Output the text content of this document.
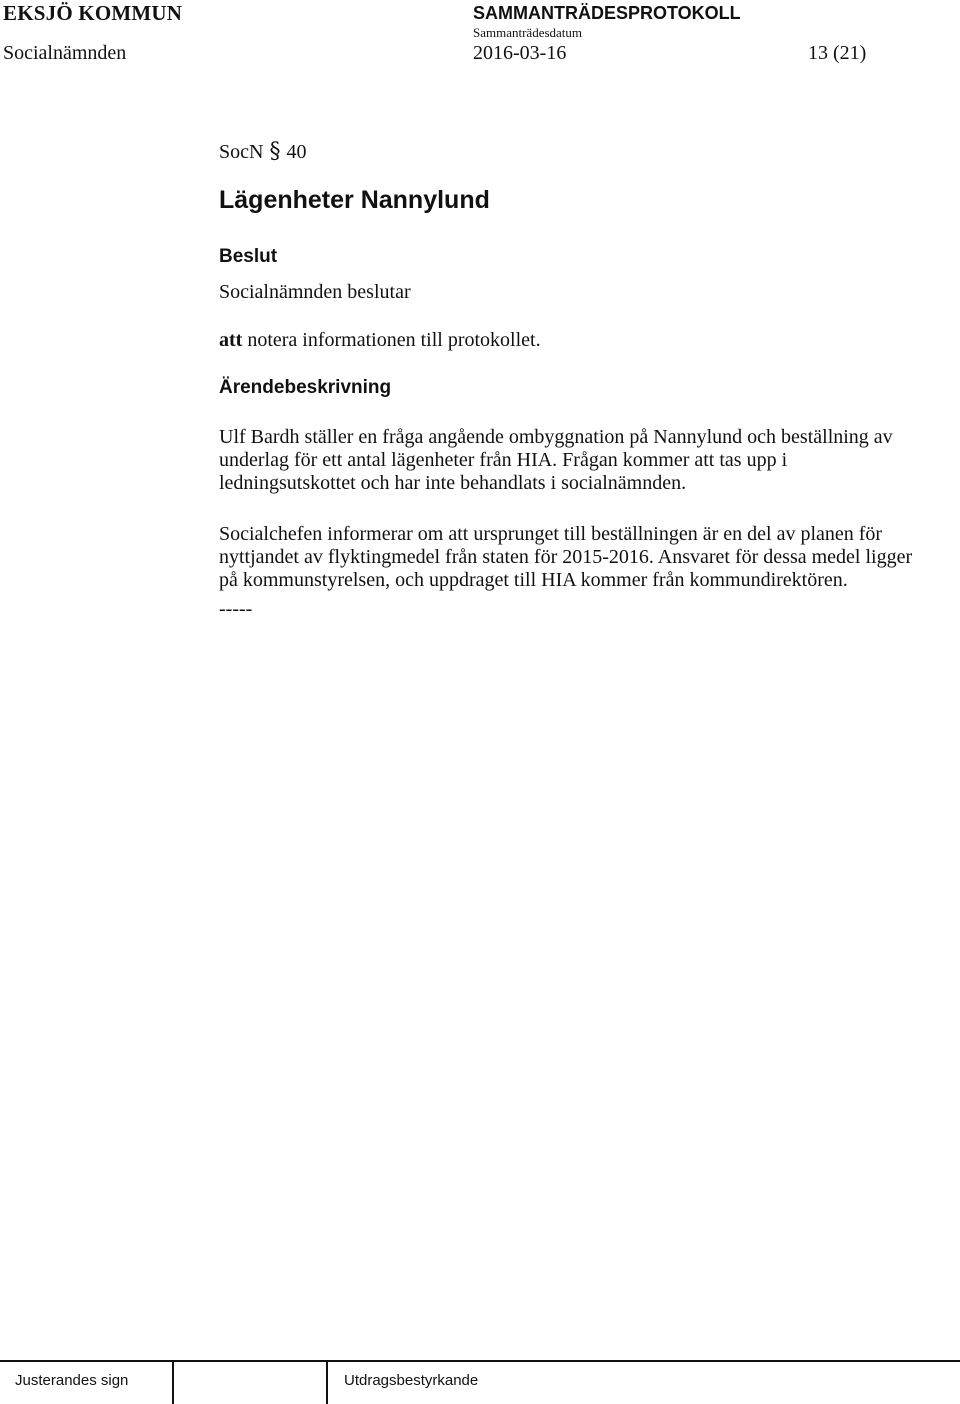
EKSJÖ KOMMUN	SAMMANTRÄDESPROTOKOLL
Sammanträdesdatum
Socialnämnden	2016-03-16	13 (21)
SocN § 40
Lägenheter Nannylund
Beslut
Socialnämnden beslutar
att notera informationen till protokollet.
Ärendebeskrivning
Ulf Bardh ställer en fråga angående ombyggnation på Nannylund och beställning av
underlag för ett antal lägenheter från HIA. Frågan kommer att tas upp i
ledningsutskottet och har inte behandlats i socialnämnden.
Socialchefen informerar om att ursprunget till beställningen är en del av planen för
nyttjandet av flyktingmedel från staten för 2015-2016. Ansvaret för dessa medel ligger
på kommunstyrelsen, och uppdraget till HIA kommer från kommundirektören.
-----
Justerandes sign	Utdragsbestyrkande
